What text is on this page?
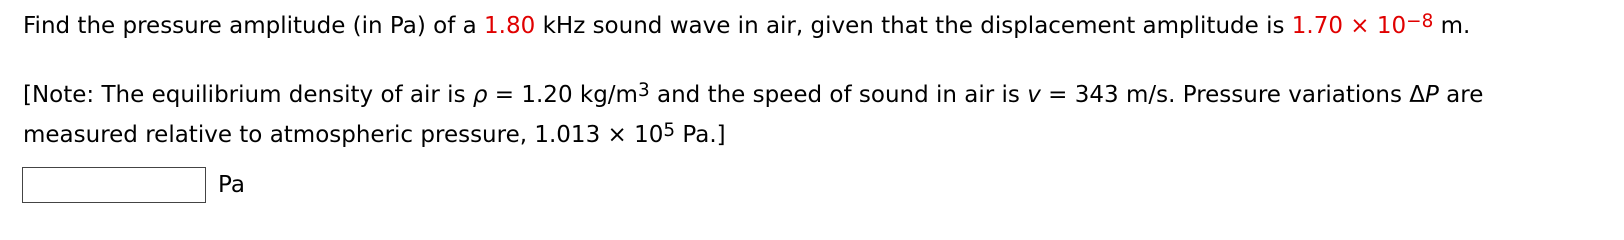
Find the pressure amplitude (in Pa) of a 1.80 kHz sound wave in air, given that the displacement amplitude is $1.70 \times 10^{-8}$ m.
[Note: The equilibrium density of air is ρ = 1.20 $kg/m^3$ and the speed of sound in air is v = 343 m/s. Pressure variations ΔP are
measured relative to atmospheric pressure, $1.013 \times 10^5$ Pa.]
Pa
